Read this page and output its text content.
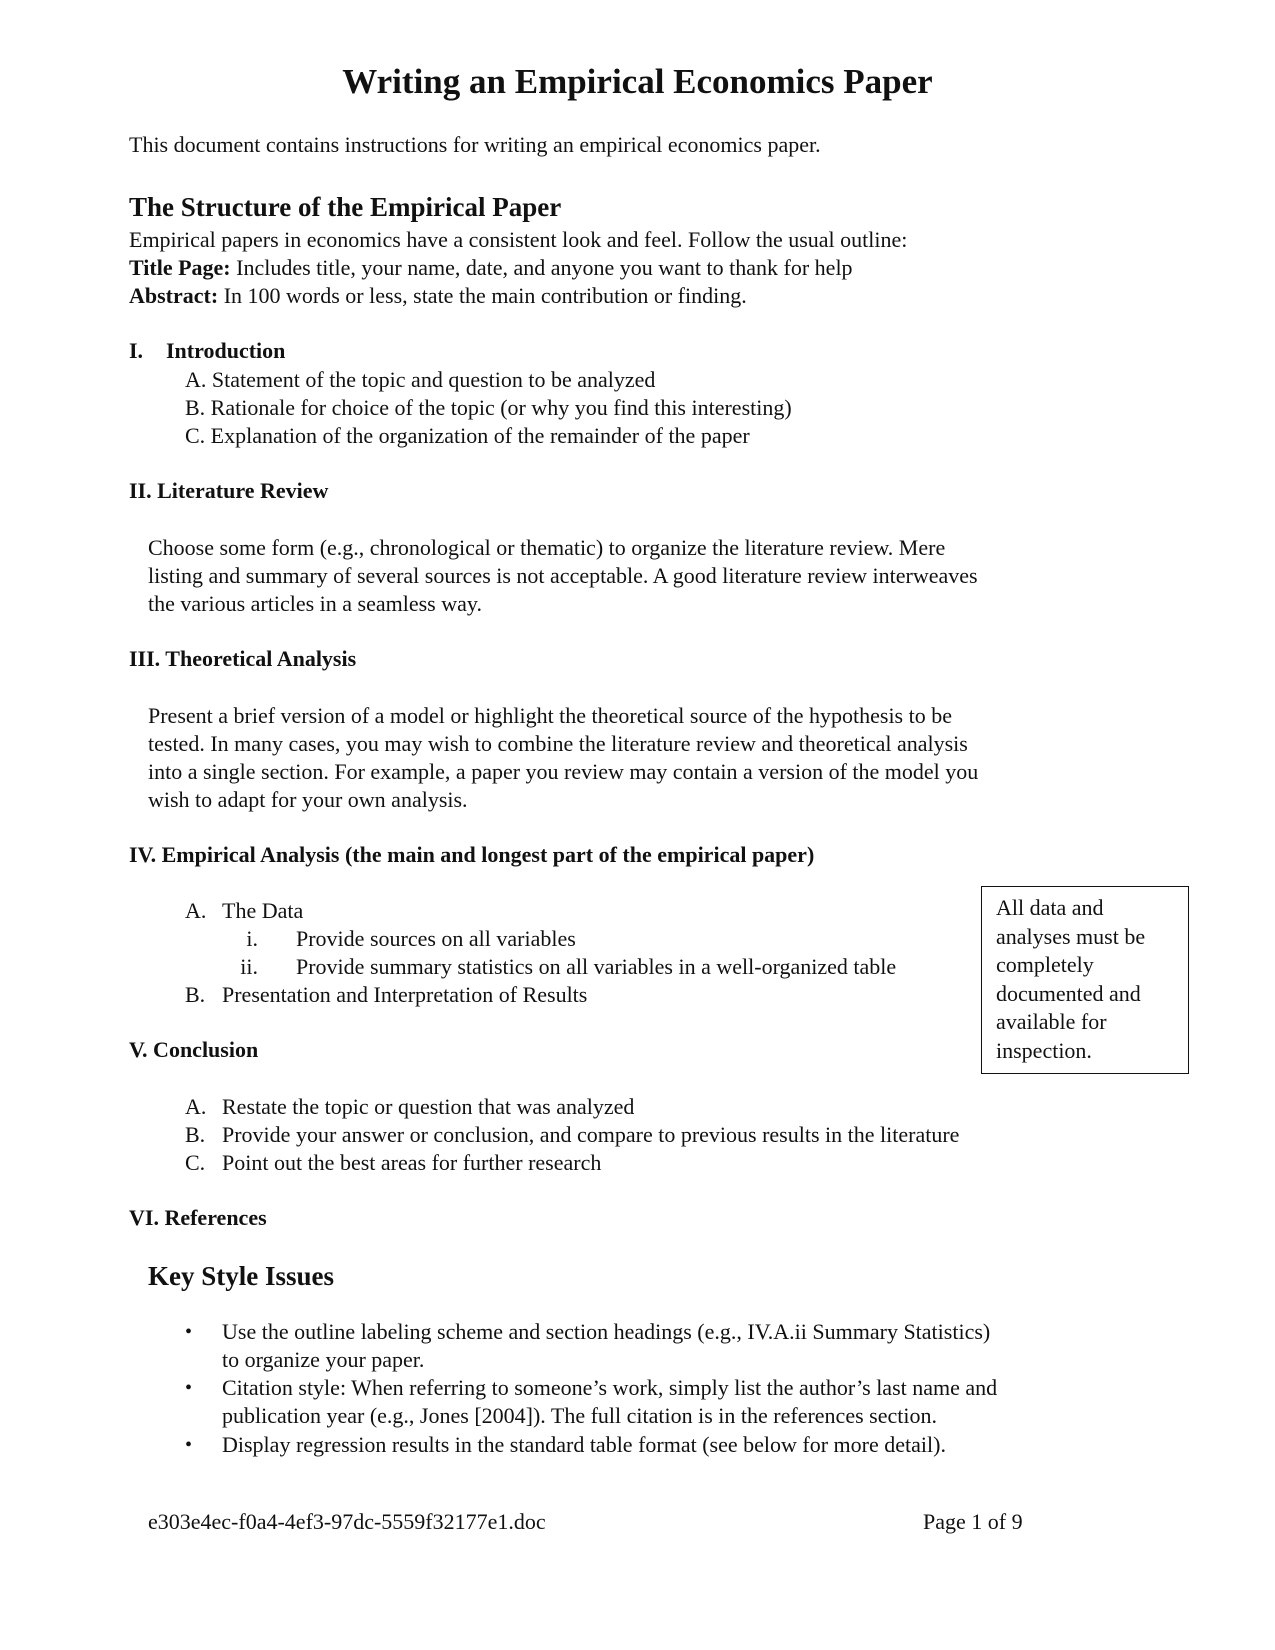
Writing an Empirical Economics Paper
This document contains instructions for writing an empirical economics paper.
The Structure of the Empirical Paper
Empirical papers in economics have a consistent look and feel. Follow the usual outline:
Title Page: Includes title, your name, date, and anyone you want to thank for help
Abstract: In 100 words or less, state the main contribution or finding.
I. Introduction
A. Statement of the topic and question to be analyzed
B. Rationale for choice of the topic (or why you find this interesting)
C. Explanation of the organization of the remainder of the paper
II. Literature Review
Choose some form (e.g., chronological or thematic) to organize the literature review. Mere
listing and summary of several sources is not acceptable. A good literature review interweaves
the various articles in a seamless way.
III. Theoretical Analysis
Present a brief version of a model or highlight the theoretical source of the hypothesis to be
tested. In many cases, you may wish to combine the literature review and theoretical analysis
into a single section. For example, a paper you review may contain a version of the model you
wish to adapt for your own analysis.
IV. Empirical Analysis (the main and longest part of the empirical paper)
A. The Data
i. Provide sources on all variables
ii. Provide summary statistics on all variables in a well-organized table
B. Presentation and Interpretation of Results
All data and analyses must be completely documented and available for inspection.
V. Conclusion
A. Restate the topic or question that was analyzed
B. Provide your answer or conclusion, and compare to previous results in the literature
C. Point out the best areas for further research
VI. References
Key Style Issues
• Use the outline labeling scheme and section headings (e.g., IV.A.ii Summary Statistics)
to organize your paper.
• Citation style: When referring to someone’s work, simply list the author’s last name and
publication year (e.g., Jones [2004]). The full citation is in the references section.
• Display regression results in the standard table format (see below for more detail).
e303e4ec-f0a4-4ef3-97dc-5559f32177e1.doc	Page 1 of 9
